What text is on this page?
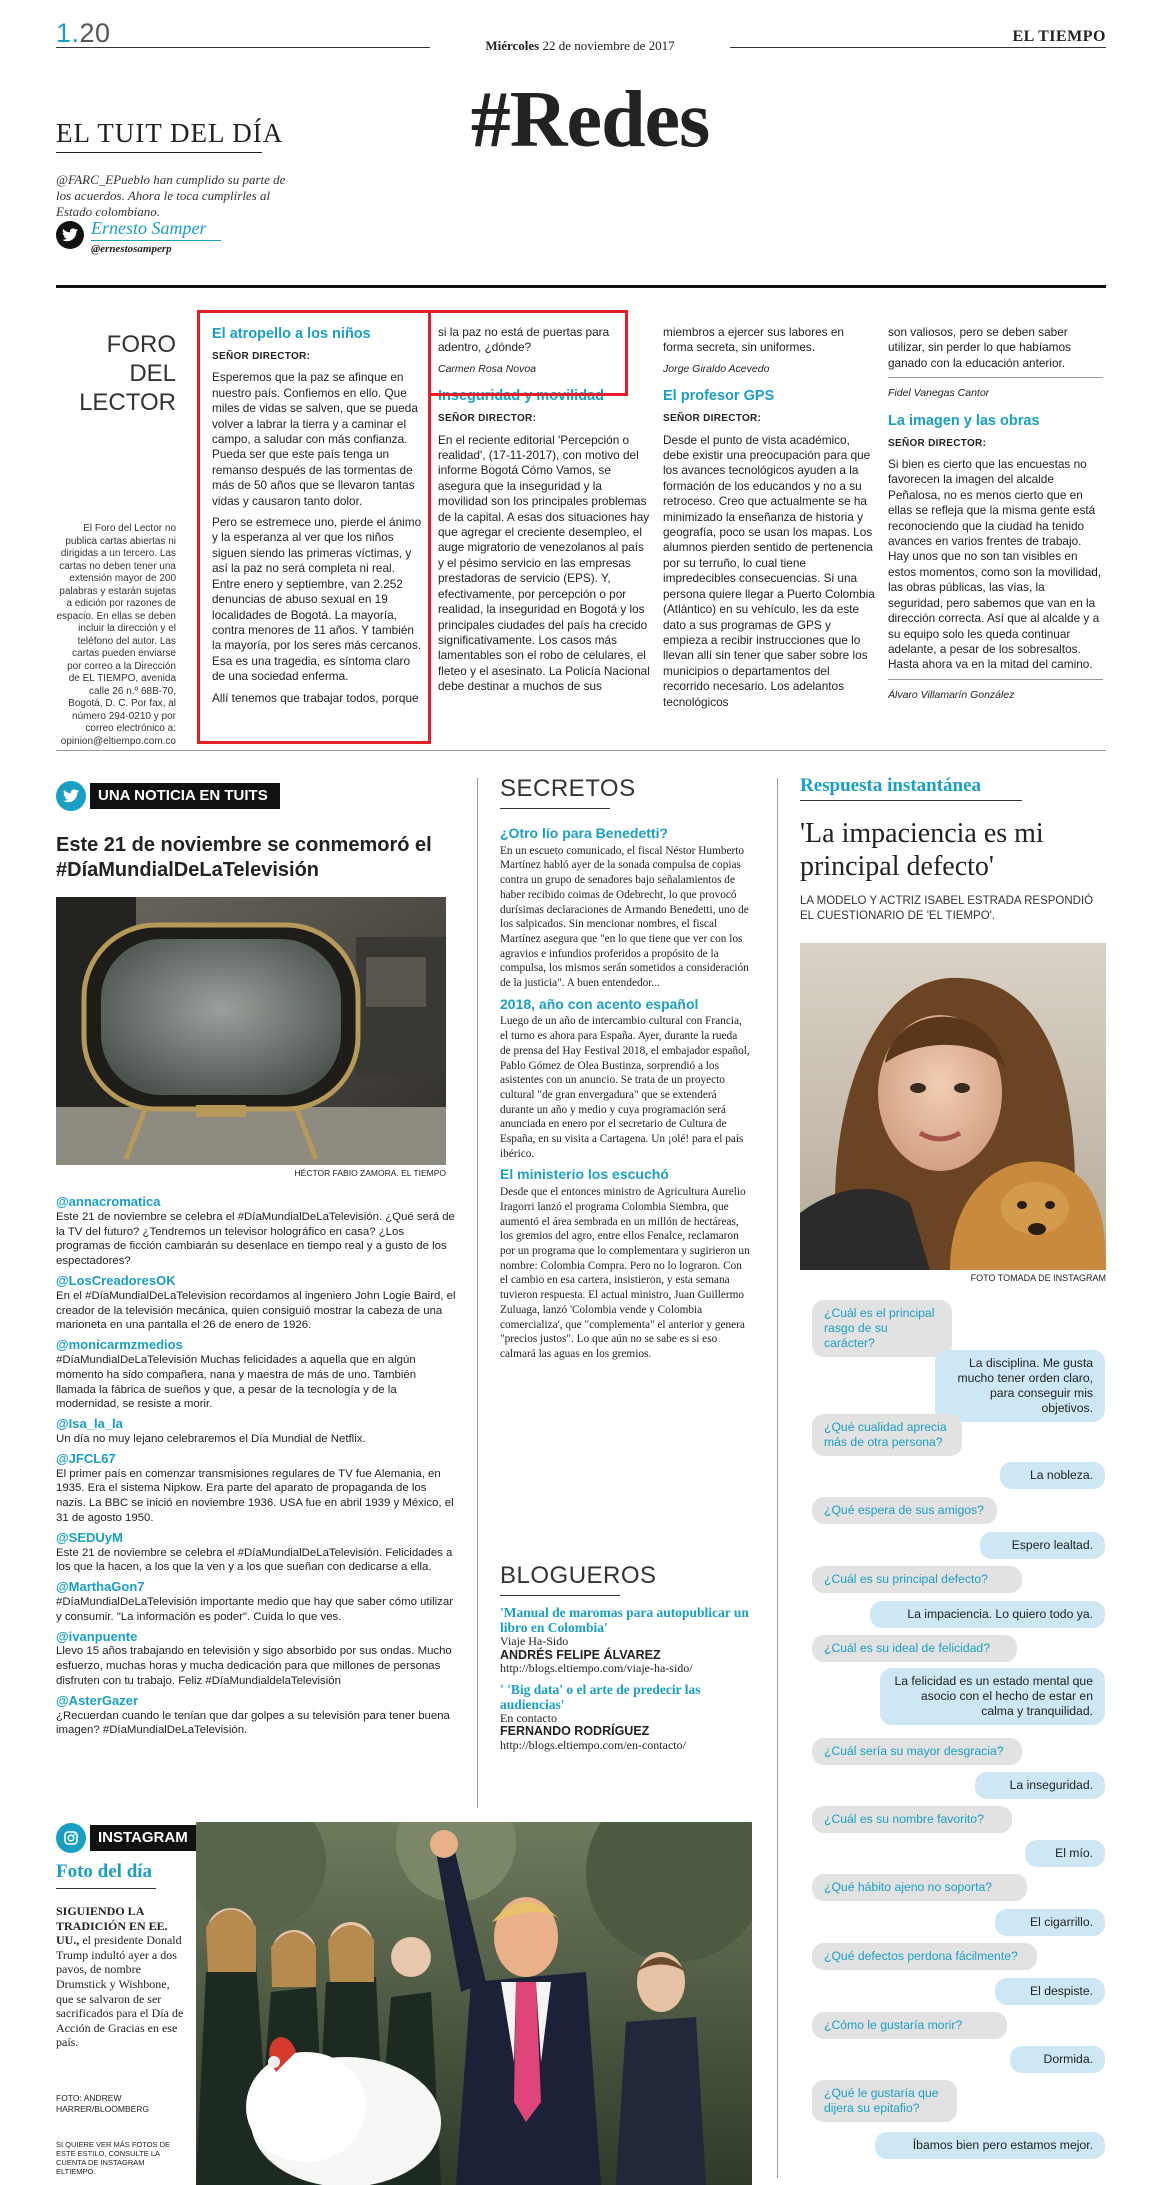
1.20	Miércoles 22 de noviembre de 2017
EL TIEMPO
#Redes
EL TUIT DEL DÍA
@FARC_EPueblo han cumplido su parte de los acuerdos. Ahora le toca cumplirles al Estado colombiano.
Ernesto Samper
@ernestosamperp
FORO DEL
LECTOR
El Foro del Lector no publica cartas abiertas ni dirigidas a un tercero. Las cartas no deben tener una extensión mayor de 200 palabras y estarán sujetas a edición por razones de espacio. En ellas se deben incluir la dirección y el teléfono del autor. Las cartas pueden enviarse por correo a la Dirección de EL TIEMPO, avenida calle 26 n.º 68B-70, Bogotá, D. C. Por fax, al número 294-0210 y por correo electrónico a: opinion@eltiempo.com.co
El atropello a los niños
SEÑOR DIRECTOR:

Esperemos que la paz se afinque en nuestro país. Confiemos en ello. Que miles de vidas se salven, que se pueda volver a labrar la tierra y a caminar el campo, a saludar con más confianza. Pueda ser que este país tenga un remanso después de las tormentas de más de 50 años que se llevaron tantas vidas y causaron tanto dolor.

Pero se estremece uno, pierde el ánimo y la esperanza al ver que los niños siguen siendo las primeras víctimas, y así la paz no será completa ni real. Entre enero y septiembre, van 2.252 denuncias de abuso sexual en 19 localidades de Bogotá. La mayoría, contra menores de 11 años. Y también la mayoría, por los seres más cercanos. Esa es una tragedia, es síntoma claro de una sociedad enferma.

Allí tenemos que trabajar todos, porque

si la paz no está de puertas para adentro, ¿dónde?

Carmen Rosa Novoa
Inseguridad y movilidad
SEÑOR DIRECTOR:

En el reciente editorial 'Percepción o realidad', (17-11-2017), con motivo del informe Bogotá Cómo Vamos, se asegura que la inseguridad y la movilidad son los principales problemas de la capital. A esas dos situaciones hay que agregar el creciente desempleo, el auge migratorio de venezolanos al país y el pésimo servicio en las empresas prestadoras de servicio (EPS). Y, efectivamente, por percepción o por realidad, la inseguridad en Bogotá y los principales ciudades del país ha crecido significativamente. Los casos más lamentables son el robo de celulares, el fleteo y el asesinato. La Policía Nacional debe destinar a muchos de sus

miembros a ejercer sus labores en forma secreta, sin uniformes.

Jorge Giraldo Acevedo
El profesor GPS
SEÑOR DIRECTOR:

Desde el punto de vista académico, debe existir una preocupación para que los avances tecnológicos ayuden a la formación de los educandos y no a su retroceso. Creo que actualmente se ha minimizado la enseñanza de historia y geografía, poco se usan los mapas. Los alumnos pierden sentido de pertenencia por su terruño, lo cual tiene impredecibles consecuencias. Si una persona quiere llegar a Puerto Colombia (Atlántico) en su vehículo, les da este dato a sus programas de GPS y empieza a recibir instrucciones que lo llevan allí sin tener que saber sobre los municipios o departamentos del recorrido necesario. Los adelantos tecnológicos

son valiosos, pero se deben saber utilizar, sin perder lo que habíamos ganado con la educación anterior.

Fidel Vanegas Cantor
La imagen y las obras
SEÑOR DIRECTOR:

Si bien es cierto que las encuestas no favorecen la imagen del alcalde Peñalosa, no es menos cierto que en ellas se refleja que la misma gente está reconociendo que la ciudad ha tenido avances en varios frentes de trabajo. Hay unos que no son tan visibles en estos momentos, como son la movilidad, las obras públicas, las vías, la seguridad, pero sabemos que van en la dirección correcta. Así que al alcalde y a su equipo solo les queda continuar adelante, a pesar de los sobresaltos. Hasta ahora va en la mitad del camino.

Álvaro Villamarín González
UNA NOTICIA EN TUITS
Este 21 de noviembre se conmemoró el #DíaMundialDeLaTelevisión
HÉCTOR FABIO ZAMORA. EL TIEMPO
@annacromatica
Este 21 de noviembre se celebra el #DíaMundialDeLaTelevisión. ¿Qué será de la TV del futuro? ¿Tendremos un televisor holográfico en casa? ¿Los programas de ficción cambiarán su desenlace en tiempo real y a gusto de los espectadores?
@LosCreadoresOK
En el #DíaMundialDeLaTelevision recordamos al ingeniero John Logie Baird, el creador de la televisión mecánica, quien consiguió mostrar la cabeza de una marioneta en una pantalla el 26 de enero de 1926.
@monicarmzmedios
#DíaMundialDeLaTelevisión Muchas felicidades a aquella que en algún momento ha sido compañera, nana y maestra de más de uno. También llamada la fábrica de sueños y que, a pesar de la tecnología y de la modernidad, se resiste a morir.
@Isa_la_la
Un día no muy lejano celebraremos el Día Mundial de Netflix.
@JFCL67
El primer país en comenzar transmisiones regulares de TV fue Alemania, en 1935. Era el sistema Nipkow. Era parte del aparato de propaganda de los nazis. La BBC se inició en noviembre 1936. USA fue en abril 1939 y México, el 31 de agosto 1950.
@SEDUyM
Este 21 de noviembre se celebra el #DíaMundialDeLaTelevisión. Felicidades a los que la hacen, a los que la ven y a los que sueñan con dedicarse a ella.
@MarthaGon7
#DíaMundialDeLaTelevisión importante medio que hay que saber cómo utilizar y consumir. "La información es poder". Cuida lo que ves.
@ivanpuente
Llevo 15 años trabajando en televisión y sigo absorbido por sus ondas. Mucho esfuerzo, muchas horas y mucha dedicación para que millones de personas disfruten con tu trabajo. Feliz #DíaMundialdelaTelevisión
@AsterGazer
¿Recuerdan cuando le tenían que dar golpes a su televisión para tener buena imagen? #DíaMundialDeLaTelevisión.
SECRETOS
¿Otro lío para Benedetti?

En un escueto comunicado, el fiscal Néstor Humberto Martínez habló ayer de la sonada compulsa de copias contra un grupo de senadores bajo señalamientos de haber recibido coimas de Odebrecht, lo que provocó durísimas declaraciones de Armando Benedetti, uno de los salpicados. Sin mencionar nombres, el fiscal Martínez asegura que "en lo que tiene que ver con los agravios e infundios proferidos a propósito de la compulsa, los mismos serán sometidos a consideración de la justicia". A buen entendedor...

2018, año con acento español

Luego de un año de intercambio cultural con Francia, el turno es ahora para España. Ayer, durante la rueda de prensa del Hay Festival 2018, el embajador español, Pablo Gómez de Olea Bustinza, sorprendió a los asistentes con un anuncio. Se trata de un proyecto cultural "de gran envergadura" que se extenderá durante un año y medio y cuya programación será anunciada en enero por el secretario de Cultura de España, en su visita a Cartagena. Un ¡olé! para el país ibérico.

El ministerio los escuchó

Desde que el entonces ministro de Agricultura Aurelio Iragorri lanzó el programa Colombia Siembra, que aumentó el área sembrada en un millón de hectáreas, los gremios del agro, entre ellos Fenalce, reclamaron por un programa que lo complementara y sugirieron un nombre: Colombia Compra. Pero no lo lograron. Con el cambio en esa cartera, insistieron, y esta semana tuvieron respuesta. El actual ministro, Juan Guillermo Zuluaga, lanzó 'Colombia vende y Colombia comercializa', que "complementa" el anterior y genera "precios justos". Lo que aún no se sabe es si eso calmará las aguas en los gremios.

BLOGUEROS
'Manual de maromas para autopublicar un libro en Colombia'
Viaje Ha-Sido
ANDRÉS FELIPE ÁLVAREZ
http://blogs.eltiempo.com/viaje-ha-sido/
' 'Big data' o el arte de predecir las audiencias'
En contacto
FERNANDO RODRÍGUEZ
http://blogs.eltiempo.com/en-contacto/
Respuesta instantánea
'La impaciencia es mi principal defecto'
LA MODELO Y ACTRIZ ISABEL ESTRADA RESPONDIÓ EL CUESTIONARIO DE 'EL TIEMPO'.
FOTO TOMADA DE INSTAGRAM
¿Cuál es el principal rasgo de su carácter?
La disciplina. Me gusta mucho tener orden claro, para conseguir mis objetivos.
¿Qué cualidad aprecia más de otra persona?
La nobleza.
¿Qué espera de sus amigos?
Espero lealtad.
¿Cuál es su principal defecto?
La impaciencia. Lo quiero todo ya.
¿Cuál es su ideal de felicidad?
La felicidad es un estado mental que asocio con el hecho de estar en calma y tranquilidad.
¿Cuál sería su mayor desgracia?
La inseguridad.
¿Cuál es su nombre favorito?
El mío.
¿Qué hábito ajeno no soporta?
El cigarrillo.
¿Qué defectos perdona fácilmente?
El despiste.
¿Cómo le gustaría morir?
Dormida.
¿Qué le gustaría que dijera su epitafio?
Íbamos bien pero estamos mejor.
INSTAGRAM
Foto del día
SIGUIENDO LA TRADICIÓN EN EE. UU., el presidente Donald Trump indultó ayer a dos pavos, de nombre Drumstick y Wishbone, que se salvaron de ser sacrificados para el Día de Acción de Gracias en ese país.
FOTO: ANDREW HARRER/BLOOMBERG
SI QUIERE VER MÁS FOTOS DE ESTE ESTILO, CONSULTE LA CUENTA DE INSTAGRAM ELTIEMPO.
